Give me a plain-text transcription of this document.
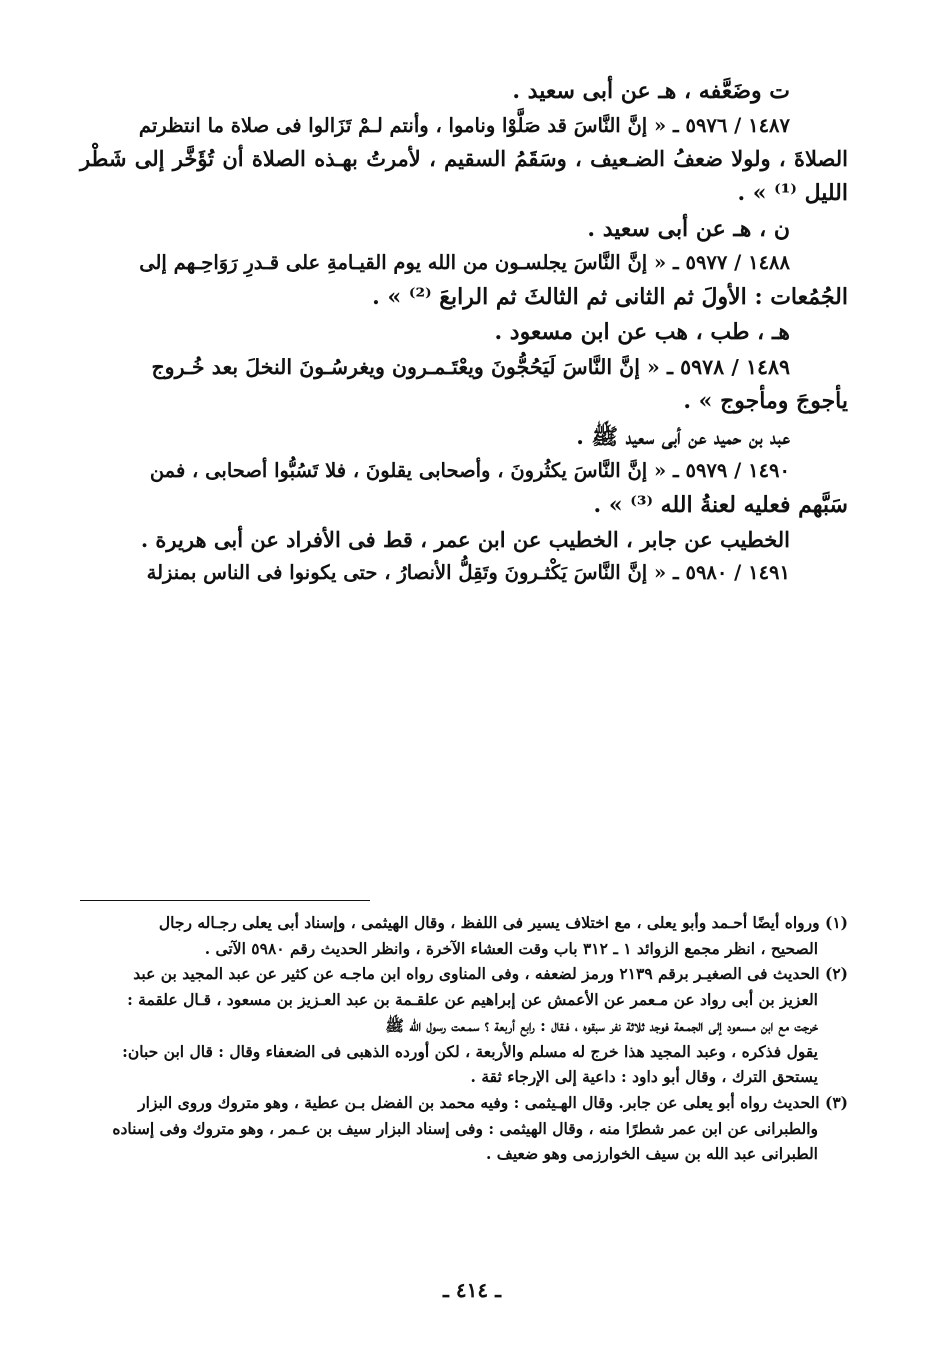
ت وضَعَّفه ، هـ عن أبى سعيد .
١٤٨٧ / ٥٩٧٦ ـ « إنَّ النَّاسَ قد صَلَّوْا وناموا ، وأنتم لـمْ تَزَالوا فى صلاة ما انتظرتم
الصلاةَ ، ولولا ضعفُ الضـعيف ، وسَقَمُ السقيم ، لأمرتُ بهـذه الصلاة أن تُؤَخَّر إلى شَطْر
الليل ⁽¹⁾ » .
ن ، هـ عن أبى سعيد .
١٤٨٨ / ٥٩٧٧ ـ « إنَّ النَّاسَ يجلسـون من الله يوم القيـامةِ على قـدرِ رَوَاحِـهم إلى
الجُمُعات : الأولَ ثم الثانى ثم الثالثَ ثم الرابعَ ⁽²⁾ » .
هـ ، طب ، هب عن ابن مسعود .
١٤٨٩ / ٥٩٧٨ ـ « إنَّ النَّاسَ لَيَحُجُّونَ ويعْتَـمـرون ويغرسُـونَ النخلَ بعد خُـروج
يأجوجَ ومأجوج » .
عبد بن حميد عن أبى سعيد ﷺ .
١٤٩٠ / ٥٩٧٩ ـ « إنَّ النَّاسَ يكثُرونَ ، وأصحابى يقلونَ ، فلا تَسُبُّوا أصحابى ، فمن
سَبَّهم فعليه لعنةُ الله ⁽³⁾ » .
الخطيب عن جابر ، الخطيب عن ابن عمر ، قط فى الأفراد عن أبى هريرة .
١٤٩١ / ٥٩٨٠ ـ « إنَّ النَّاسَ يَكْثـرونَ وتَقِلُّ الأنصارُ ، حتى يكونوا فى الناس بمنزلة
(١) ورواه أيضًا أحـمد وأبو يعلى ، مع اختلاف يسير فى اللفظ ، وقال الهيثمى ، وإسناد أبى يعلى رجـاله رجال
الصحيح ، انظر مجمع الزوائد ١ ـ ٣١٢ باب وقت العشاء الآخرة ، وانظر الحديث رقم ٥٩٨٠ الآتى .
(٢) الحديث فى الصغيـر برقم ٢١٣٩ ورمز لضعفه ، وفى المناوى رواه ابن ماجـه عن كثير عن عبد المجيد بن عبد
العزيز بن أبى رواد عن مـعمر عن الأعمش عن إبراهيم عن علقـمة بن عبد العـزيز بن مسعود ، قـال علقمة :
خرجت مع ابن مـسعود إلى الجمـعة فوجد ثلاثة نفر سبقوه ، فـقال : رابع أربعة ؟ سمـعت رسول الله ﷺ
يقول فذكره ، وعبد المجيد هذا خرج له مسلم والأربعة ، لكن أورده الذهبى فى الضعفاء وقال : قال ابن حبان:
يستحق الترك ، وقال أبو داود : داعية إلى الإرجاء ثقة .
(٣) الحديث رواه أبو يعلى عن جابر. وقال الهـيثمى : وفيه محمد بن الفضل بـن عطية ، وهو متروك وروى البزار
والطبرانى عن ابن عمر شطرًا منه ، وقال الهيثمى : وفى إسناد البزار سيف بن عـمر ، وهو متروك وفى إسناده
الطبرانى عبد الله بن سيف الخوارزمى وهو ضعيف .
ـ ٤١٤ ـ
